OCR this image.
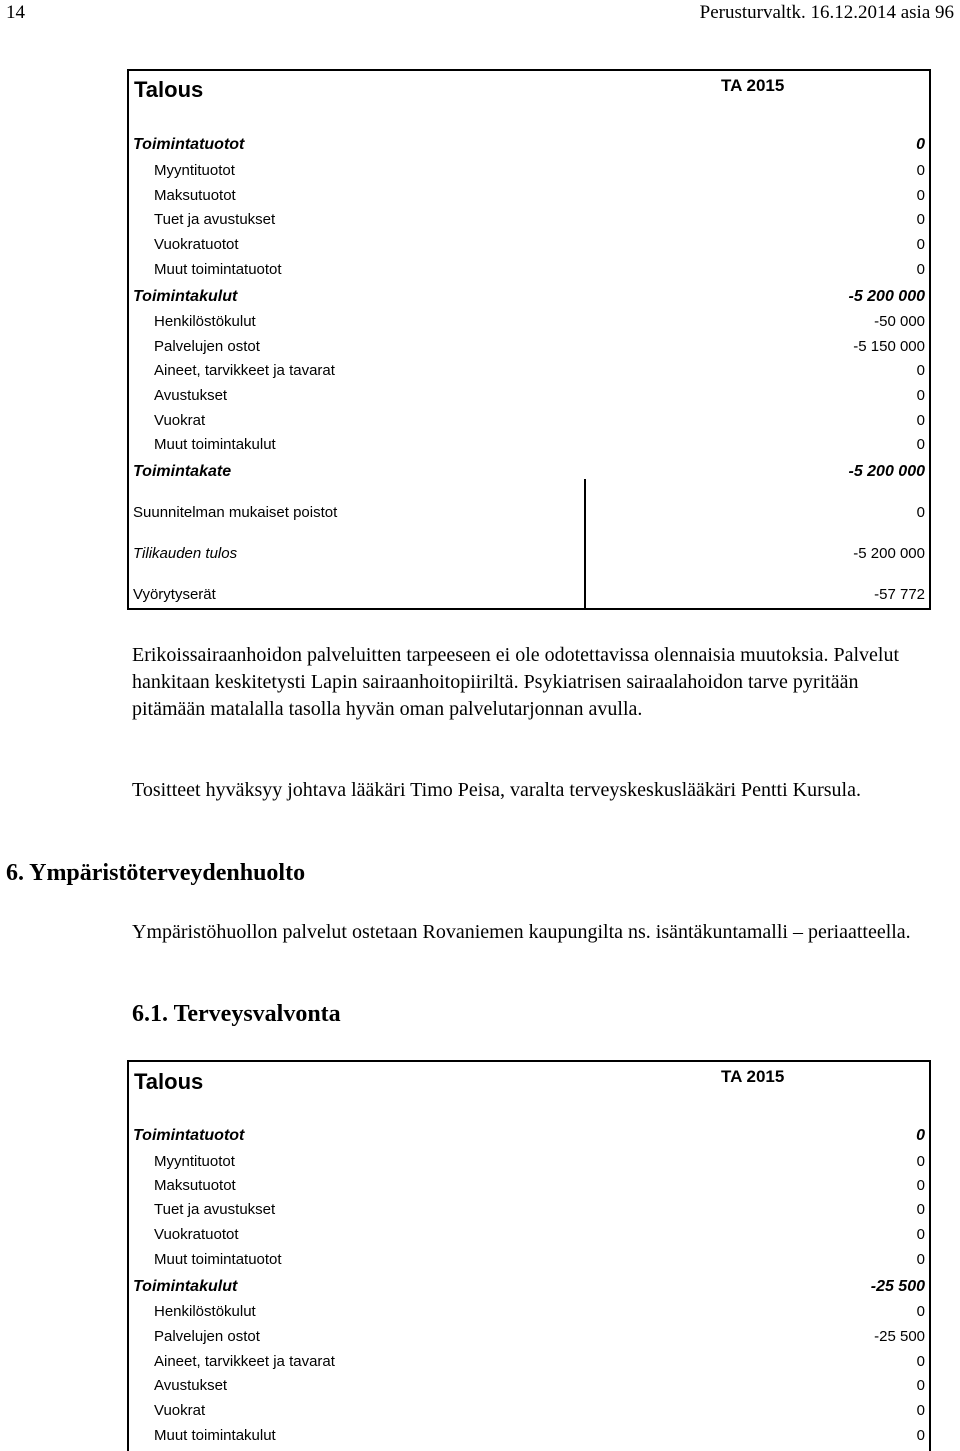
14	Perusturvaltk. 16.12.2014 asia 96
Talous	TA 2015
Toimintatuotot	0
Myyntituotot	0
Maksutuotot	0
Tuet ja avustukset	0
Vuokratuotot	0
Muut toimintatuotot	0
Toimintakulut	-5 200 000
Henkilöstökulut	-50 000
Palvelujen ostot	-5 150 000
Aineet, tarvikkeet ja tavarat	0
Avustukset	0
Vuokrat	0
Muut toimintakulut	0
Toimintakate	-5 200 000
Suunnitelman mukaiset poistot	0
Tilikauden tulos	-5 200 000
Vyörytyserät	-57 772
Erikoissairaanhoidon palveluitten tarpeeseen ei ole odotettavissa olennaisia muutoksia. Palvelut hankitaan keskitetysti Lapin sairaanhoitopiiriltä. Psykiatrisen sairaalahoidon tarve pyritään pitämään matalalla tasolla hyvän oman palvelutarjonnan avulla.
Tositteet hyväksyy johtava lääkäri Timo Peisa, varalta terveyskeskuslääkäri Pentti Kursula.
6. Ympäristöterveydenhuolto
Ympäristöhuollon palvelut ostetaan Rovaniemen kaupungilta ns. isäntäkuntamalli – periaatteella.
6.1. Terveysvalvonta
Talous	TA 2015
Toimintatuotot	0
Myyntituotot	0
Maksutuotot	0
Tuet ja avustukset	0
Vuokratuotot	0
Muut toimintatuotot	0
Toimintakulut	-25 500
Henkilöstökulut	0
Palvelujen ostot	-25 500
Aineet, tarvikkeet ja tavarat	0
Avustukset	0
Vuokrat	0
Muut toimintakulut	0
